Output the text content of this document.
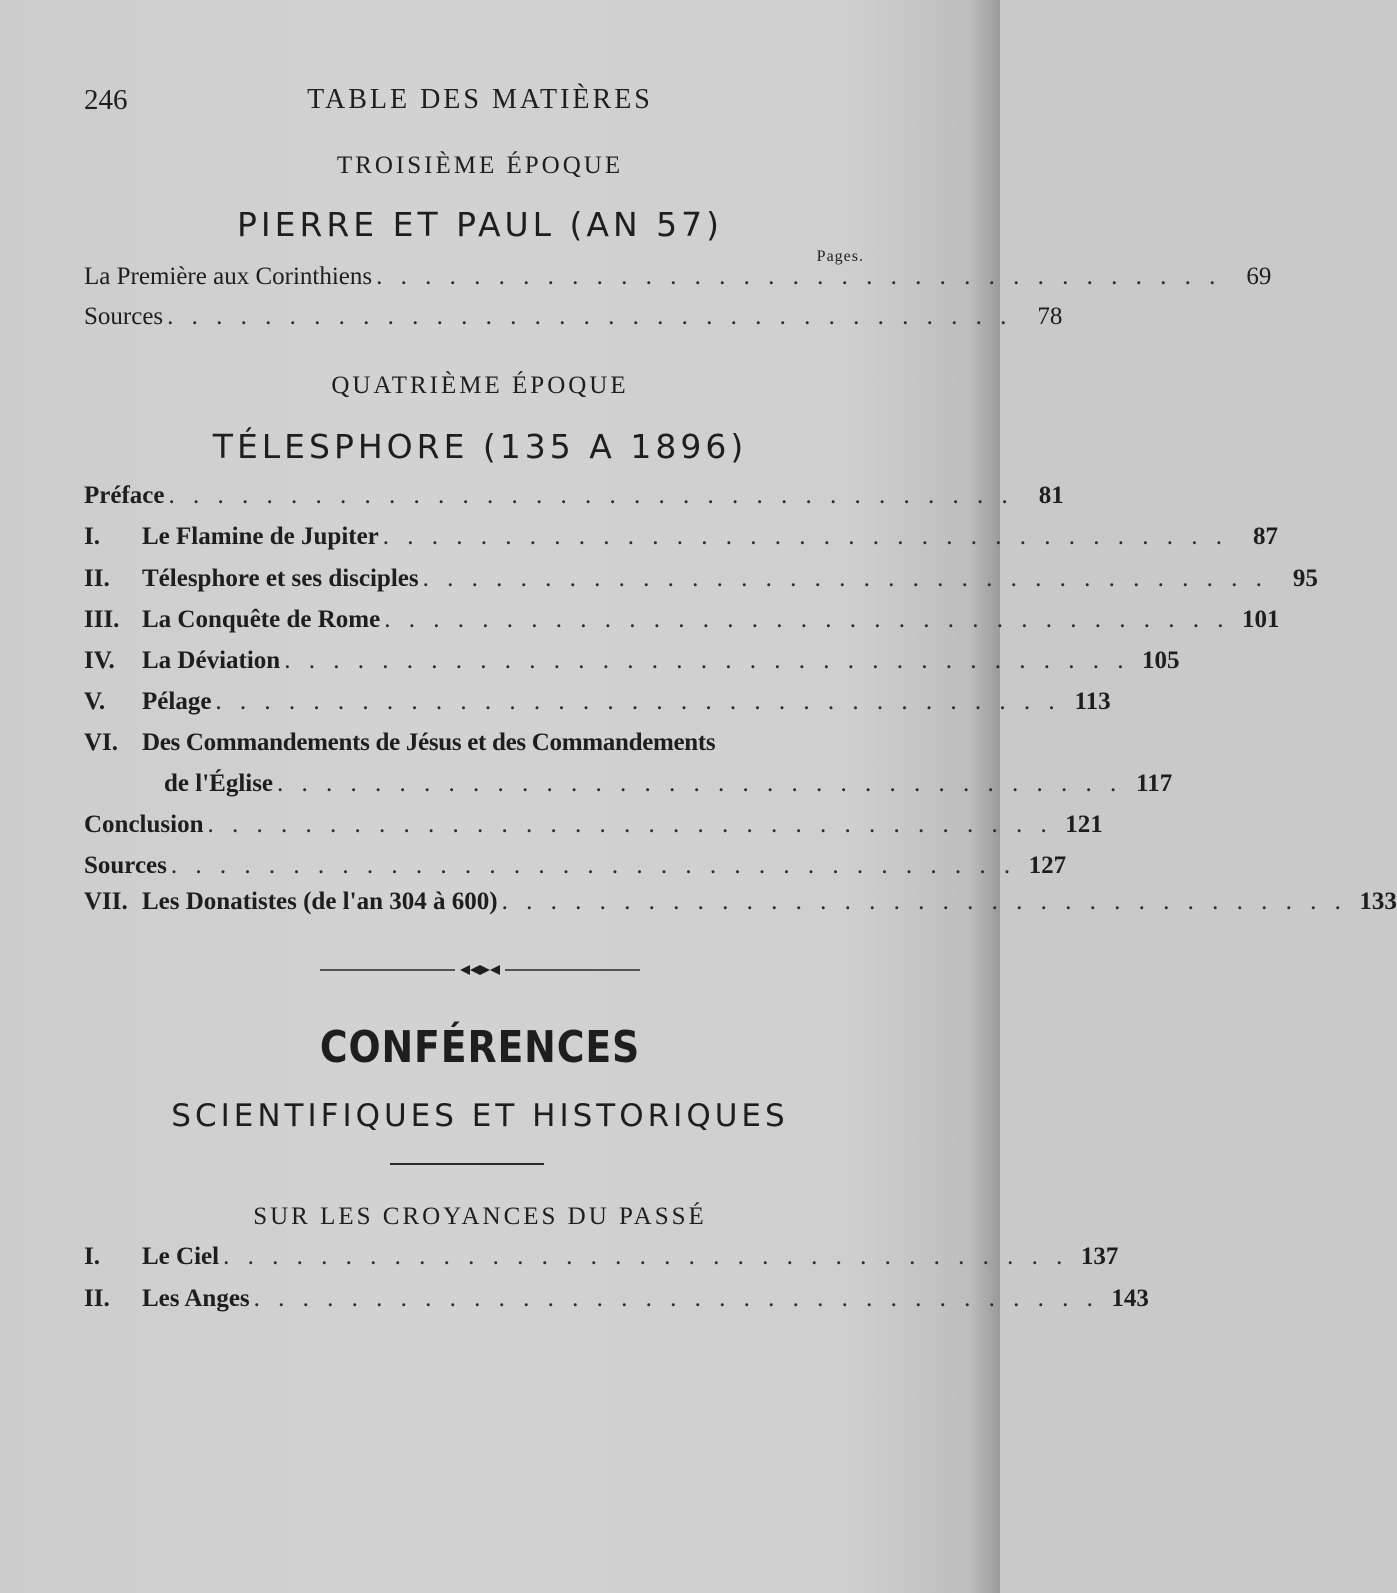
246	TABLE DES MATIÈRES
TROISIÈME ÉPOQUE
PIERRE ET PAUL (AN 57)
Pages.
La Première aux Corinthiens . . . . . . . . . . . . . . . . . . . . . . . . . . . . . . . . . . .	69
Sources . . . . . . . . . . . . . . . . . . . . . . . . . . . . . . . . . . .	78
QUATRIÈME ÉPOQUE
TÉLESPHORE (135 A 1896)
Préface . . . . . . . . . . . . . . . . . . . . . . . . . . . . . . . . . . .	81
I.	Le Flamine de Jupiter . . . . . . . . . . . . . . . . . . . . . . . . . . . . . . . . . . .	87
II.	Télesphore et ses disciples . . . . . . . . . . . . . . . . . . . . . . . . . . . . . . . . . . .	95
III. La Conquête de Rome . . . . . . . . . . . . . . . . . . . . . . . . . . . . . . . . . . . 101
IV.	La Déviation . . . . . . . . . . . . . . . . . . . . . . . . . . . . . . . . . . . 105
V.	Pélage . . . . . . . . . . . . . . . . . . . . . . . . . . . . . . . . . . . 113
VI. Des Commandements de Jésus et des Commandements
de l'Église . . . . . . . . . . . . . . . . . . . . . . . . . . . . . . . . . . . 117
Conclusion . . . . . . . . . . . . . . . . . . . . . . . . . . . . . . . . . . . 121
Sources . . . . . . . . . . . . . . . . . . . . . . . . . . . . . . . . . . . 127
VII. Les Donatistes (de l'an 304 à 600) . . . . . . . . . . . . . . . . . . . . . . . . . . . . . . . . . . . 133
CONFÉRENCES
SCIENTIFIQUES ET HISTORIQUES
SUR LES CROYANCES DU PASSÉ
I.	Le Ciel . . . . . . . . . . . . . . . . . . . . . . . . . . . . . . . . . . . 137
II.	Les Anges . . . . . . . . . . . . . . . . . . . . . . . . . . . . . . . . . . . 143
